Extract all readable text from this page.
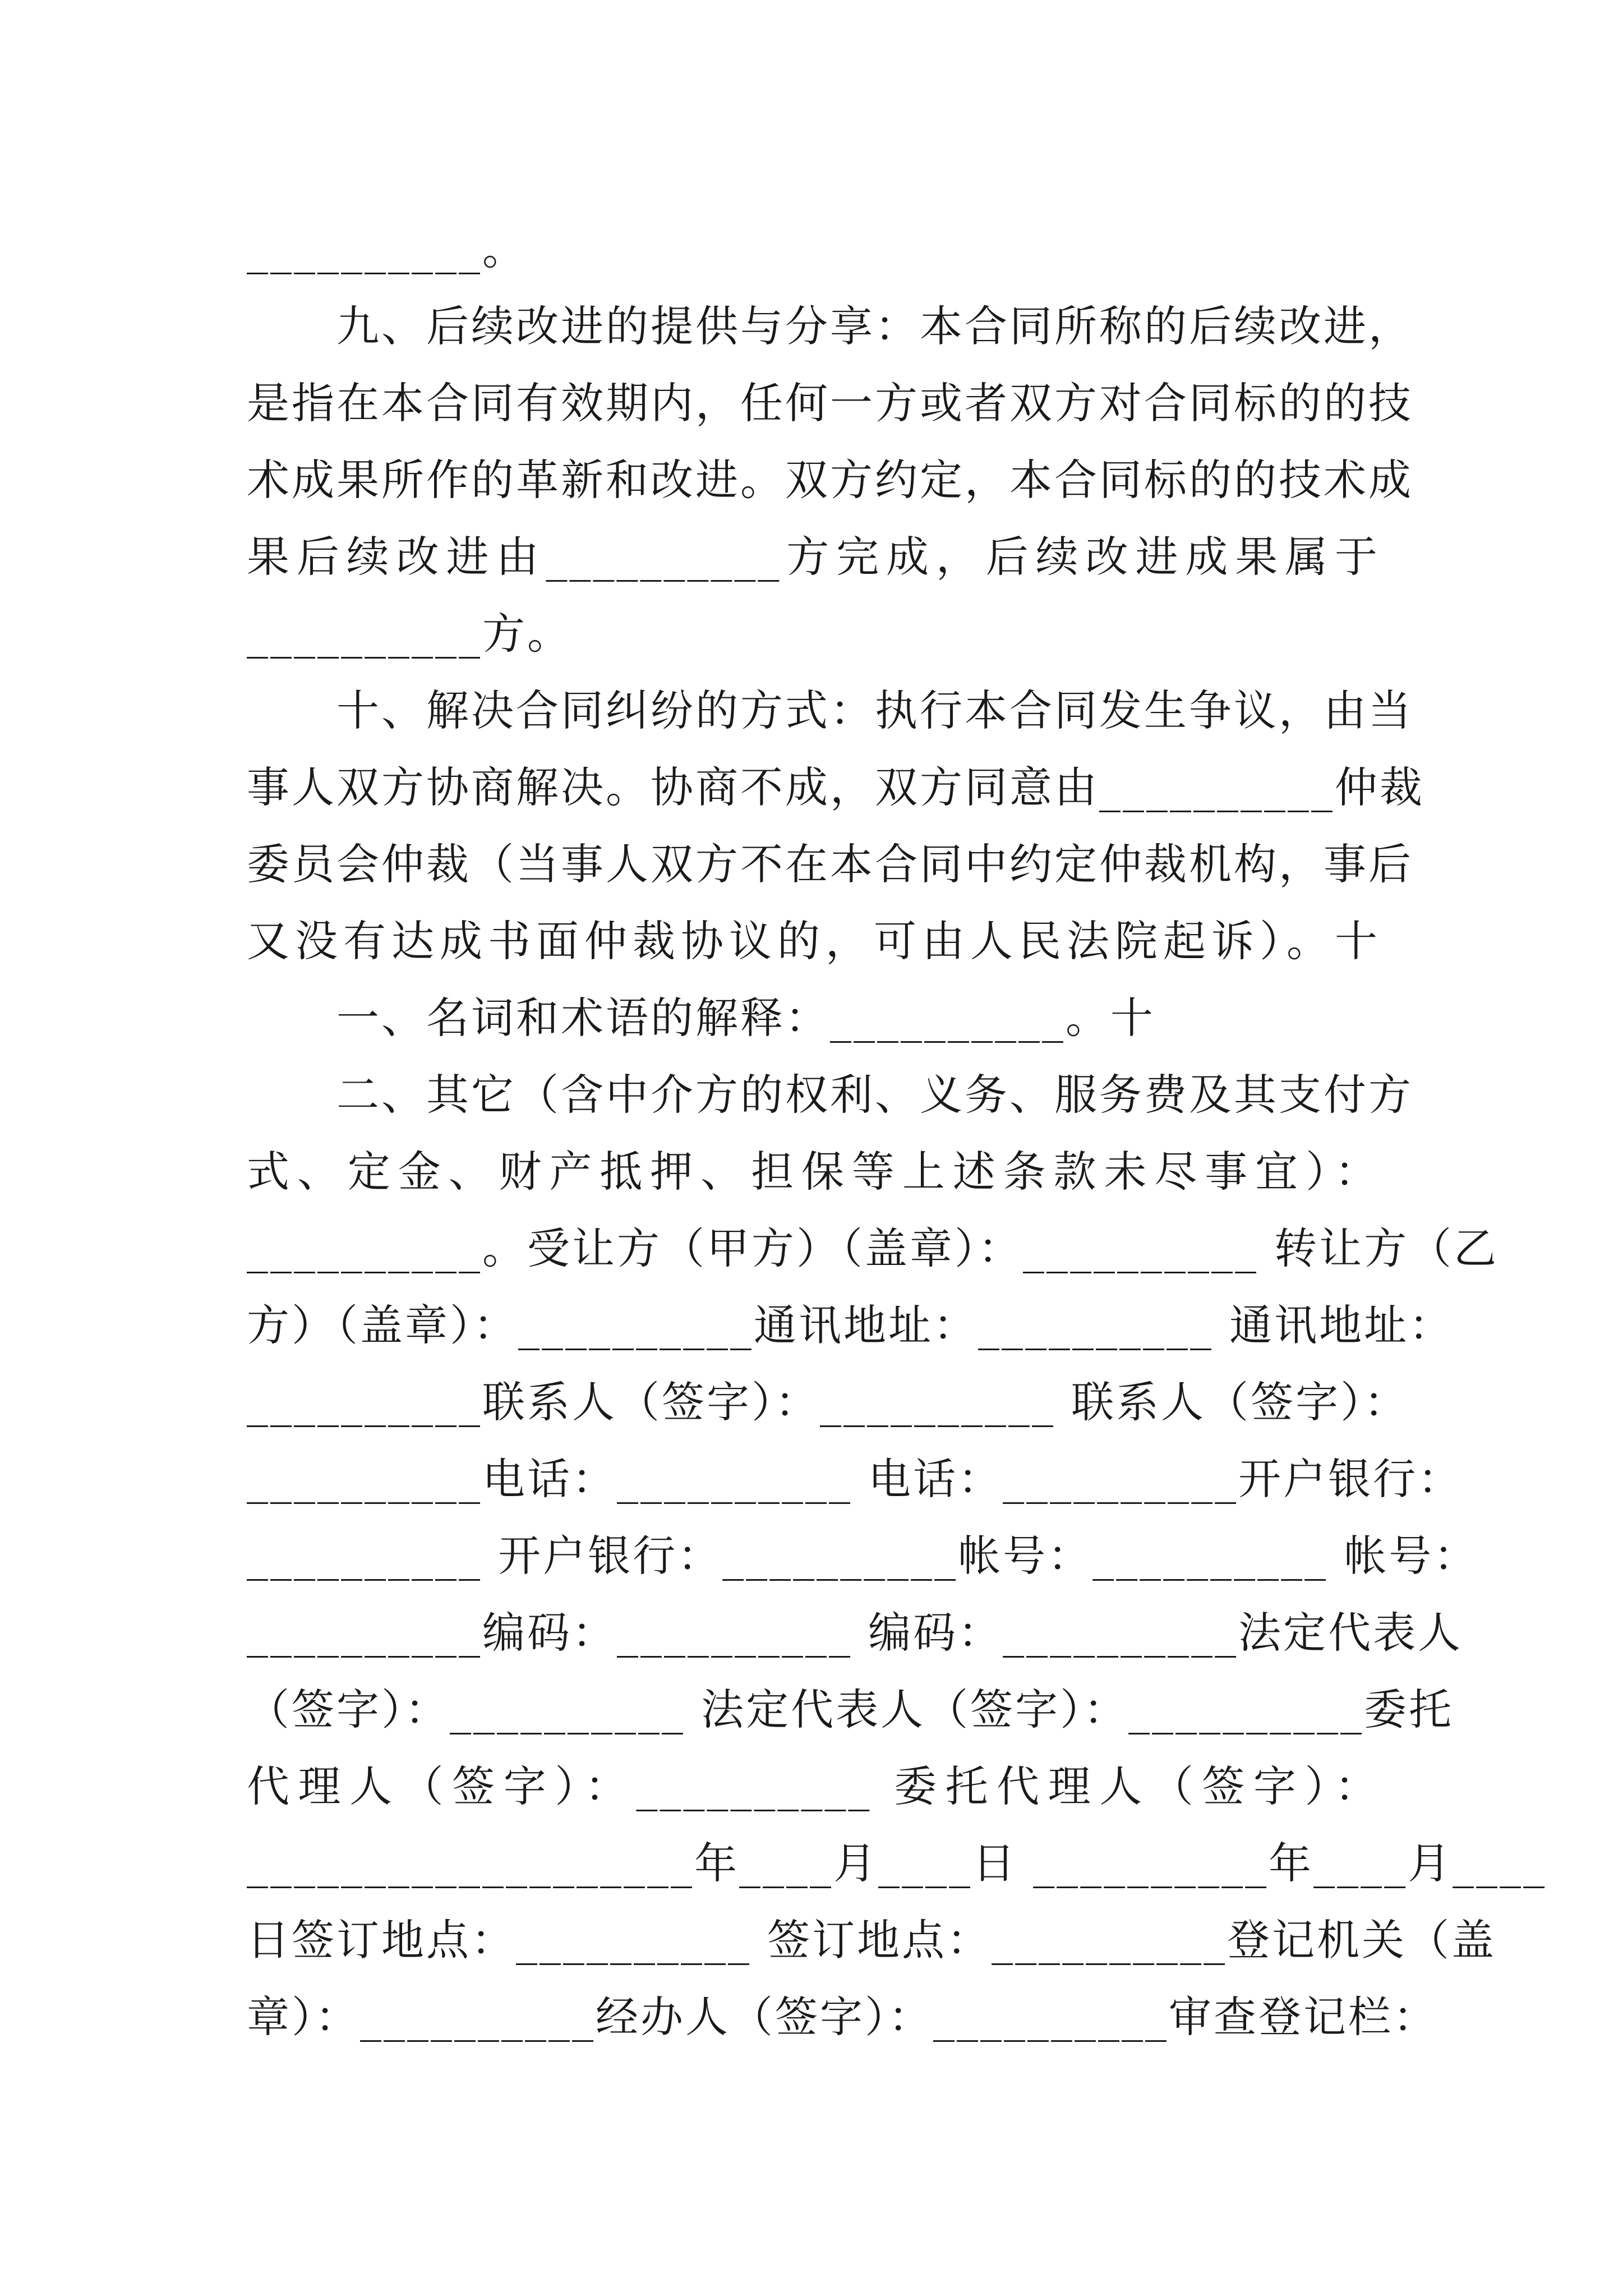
__________。
九、后续改进的提供与分享：本合同所称的后续改进，
是指在本合同有效期内，任何一方或者双方对合同标的的技
术成果所作的革新和改进。双方约定，本合同标的的技术成
果后续改进由__________方完成，后续改进成果属于
__________方。
十、解决合同纠纷的方式：执行本合同发生争议，由当
事人双方协商解决。协商不成，双方同意由__________仲裁
委员会仲裁（当事人双方不在本合同中约定仲裁机构，事后
又没有达成书面仲裁协议的，可由人民法院起诉）。十
一、名词和术语的解释：__________。十
二、其它（含中介方的权利、义务、服务费及其支付方
式、定金、财产抵押、担保等上述条款未尽事宜）：
__________。受让方（甲方）（盖章）：__________ 转让方（乙
方）（盖章）：__________通讯地址：__________ 通讯地址：
__________联系人（签字）：__________ 联系人（签字）：
__________电话：__________ 电话：__________开户银行：
__________ 开户银行：__________帐号：__________ 帐号：
__________编码：__________ 编码：__________法定代表人
（签字）：__________ 法定代表人（签字）：__________委托
代理人（签字）：__________ 委托代理人（签字）：
___________________年____月____日 __________年____月____
日签订地点：__________ 签订地点：__________登记机关（盖
章）：__________经办人（签字）：__________审查登记栏：
